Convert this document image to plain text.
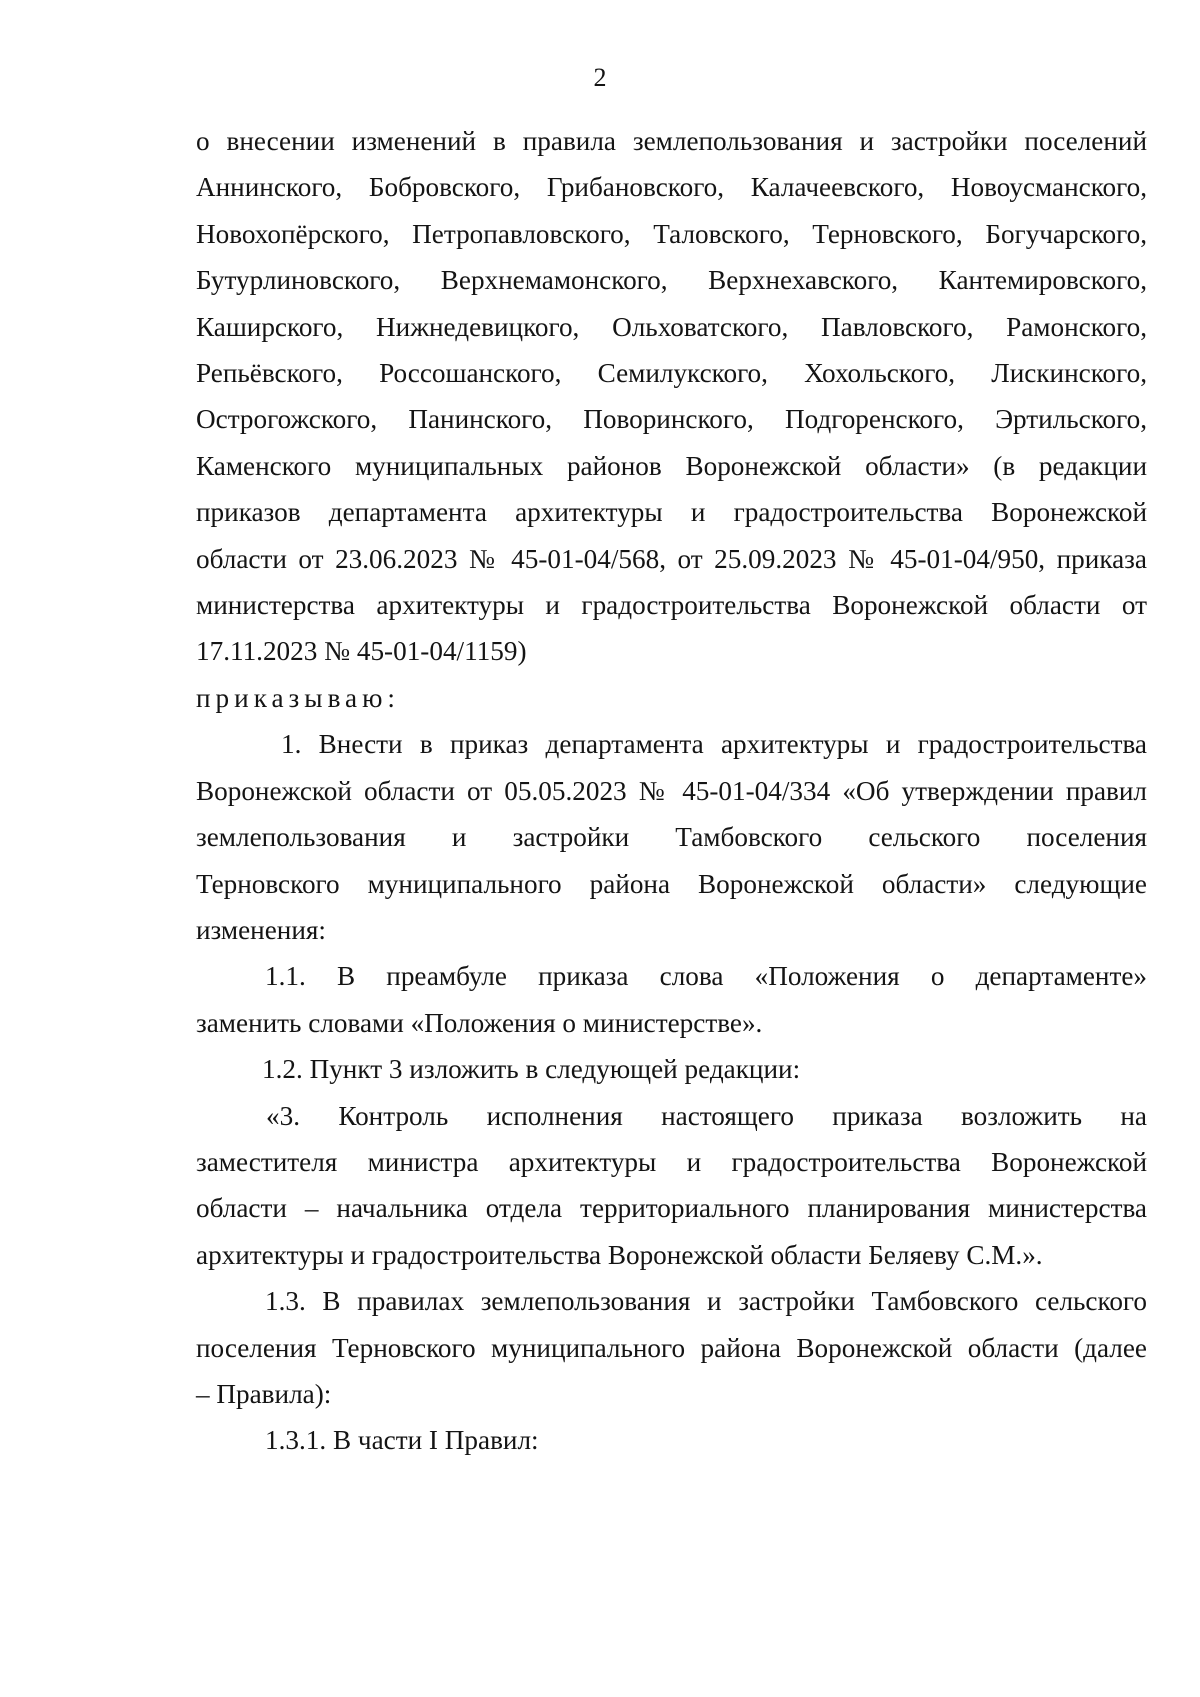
2
о внесении изменений в правила землепользования и застройки поселений
Аннинского, Бобровского, Грибановского, Калачеевского, Новоусманского,
Новохопёрского, Петропавловского, Таловского, Терновского, Богучарского,
Бутурлиновского, Верхнемамонского, Верхнехавского, Кантемировского,
Каширского, Нижнедевицкого, Ольховатского, Павловского, Рамонского,
Репьёвского, Россошанского, Семилукского, Хохольского, Лискинского,
Острогожского, Панинского, Поворинского, Подгоренского, Эртильского,
Каменского муниципальных районов Воронежской области» (в редакции
приказов департамента архитектуры и градостроительства Воронежской
области от 23.06.2023 № 45-01-04/568, от 25.09.2023 № 45-01-04/950, приказа
министерства архитектуры и градостроительства Воронежской области от
17.11.2023 № 45-01-04/1159)
приказываю:
1. Внести в приказ департамента архитектуры и градостроительства
Воронежской области от 05.05.2023 № 45-01-04/334 «Об утверждении правил
землепользования и застройки Тамбовского сельского поселения
Терновского муниципального района Воронежской области» следующие
изменения:
1.1. В преамбуле приказа слова «Положения о департаменте»
заменить словами «Положения о министерстве».
1.2. Пункт 3 изложить в следующей редакции:
«3. Контроль исполнения настоящего приказа возложить на
заместителя министра архитектуры и градостроительства Воронежской
области – начальника отдела территориального планирования министерства
архитектуры и градостроительства Воронежской области Беляеву С.М.».
1.3. В правилах землепользования и застройки Тамбовского сельского
поселения Терновского муниципального района Воронежской области (далее
– Правила):
1.3.1. В части I Правил:
